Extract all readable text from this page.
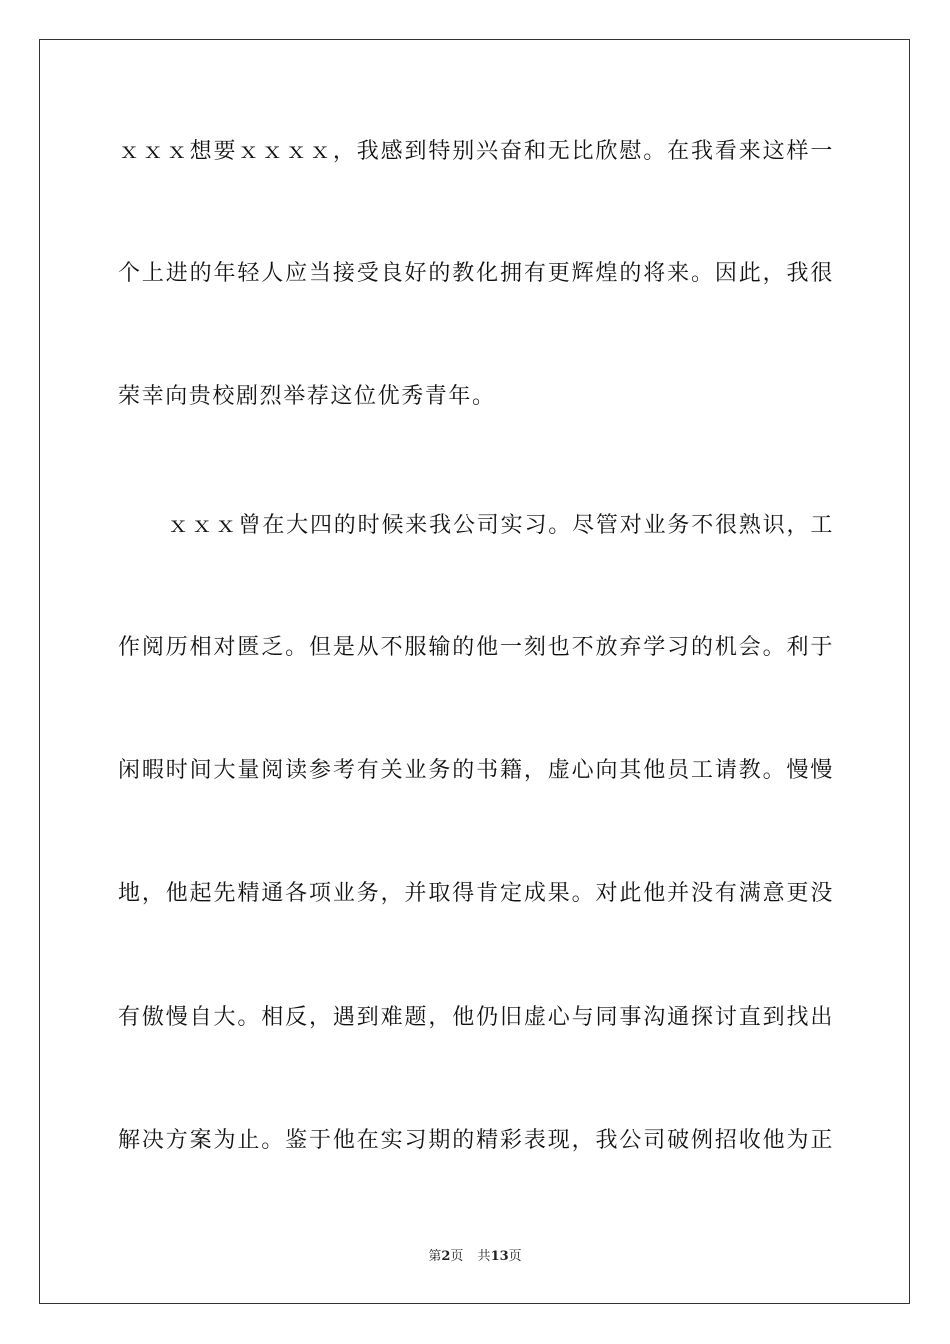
ｘｘｘ想要ｘｘｘｘ，我感到特别兴奋和无比欣慰。在我看来这样一
个上进的年轻人应当接受良好的教化拥有更辉煌的将来。因此，我很
荣幸向贵校剧烈举荐这位优秀青年。
ｘｘｘ曾在大四的时候来我公司实习。尽管对业务不很熟识，工
作阅历相对匮乏。但是从不服输的他一刻也不放弃学习的机会。利于
闲暇时间大量阅读参考有关业务的书籍，虚心向其他员工请教。慢慢
地，他起先精通各项业务，并取得肯定成果。对此他并没有满意更没
有傲慢自大。相反，遇到难题，他仍旧虚心与同事沟通探讨直到找出
解决方案为止。鉴于他在实习期的精彩表现，我公司破例招收他为正
第2页 共13页
